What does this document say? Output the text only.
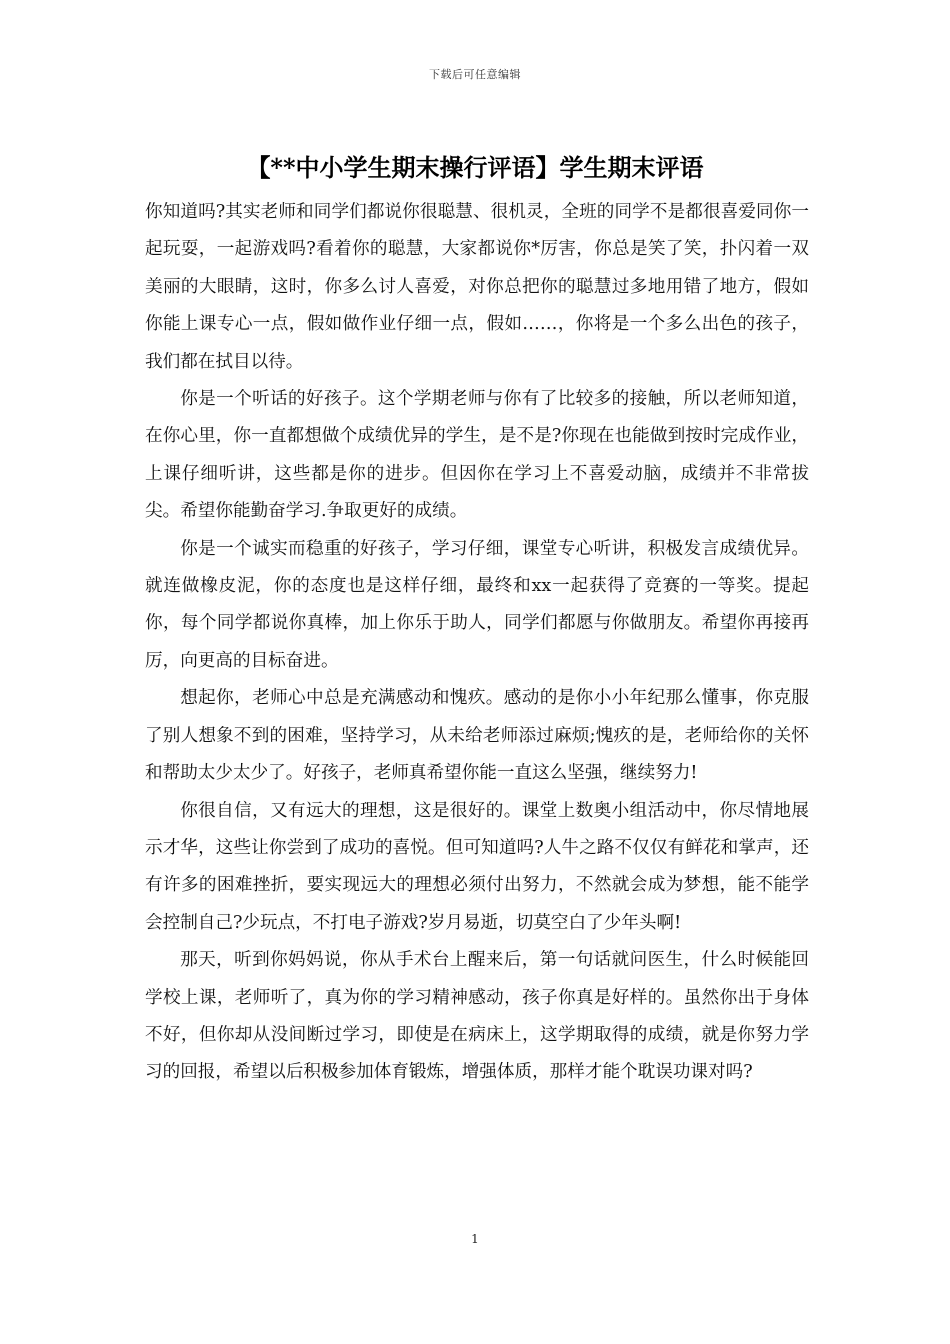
下载后可任意编辑
【**中小学生期末操行评语】学生期末评语

你知道吗?其实老师和同学们都说你很聪慧、很机灵，全班的同学不是都很喜爱同你一起玩耍，一起游戏吗?看着你的聪慧，大家都说你*厉害，你总是笑了笑，扑闪着一双美丽的大眼睛，这时，你多么讨人喜爱，对你总把你的聪慧过多地用错了地方，假如你能上课专心一点，假如做作业仔细一点，假如……，你将是一个多么出色的孩子，我们都在拭目以待。

你是一个听话的好孩子。这个学期老师与你有了比较多的接触，所以老师知道，在你心里，你一直都想做个成绩优异的学生，是不是?你现在也能做到按时完成作业，上课仔细听讲，这些都是你的进步。但因你在学习上不喜爱动脑，成绩并不非常拔尖。希望你能勤奋学习.争取更好的成绩。

你是一个诚实而稳重的好孩子，学习仔细，课堂专心听讲，积极发言成绩优异。就连做橡皮泥，你的态度也是这样仔细，最终和xx一起获得了竞赛的一等奖。提起你，每个同学都说你真棒，加上你乐于助人，同学们都愿与你做朋友。希望你再接再厉，向更高的目标奋进。

想起你，老师心中总是充满感动和愧疚。感动的是你小小年纪那么懂事，你克服了别人想象不到的困难，坚持学习，从未给老师添过麻烦;愧疚的是，老师给你的关怀和帮助太少太少了。好孩子，老师真希望你能一直这么坚强，继续努力!

你很自信，又有远大的理想，这是很好的。课堂上数奥小组活动中，你尽情地展示才华，这些让你尝到了成功的喜悦。但可知道吗?人牛之路不仅仅有鲜花和掌声，还有许多的困难挫折，要实现远大的理想必须付出努力，不然就会成为梦想，能不能学会控制自己?少玩点，不打电子游戏?岁月易逝，切莫空白了少年头啊!

那天，听到你妈妈说，你从手术台上醒来后，第一句话就问医生，什么时候能回学校上课，老师听了，真为你的学习精神感动，孩子你真是好样的。虽然你出于身体不好，但你却从没间断过学习，即使是在病床上，这学期取得的成绩，就是你努力学习的回报，希望以后积极参加体育锻炼，增强体质，那样才能个耽误功课对吗?

1
